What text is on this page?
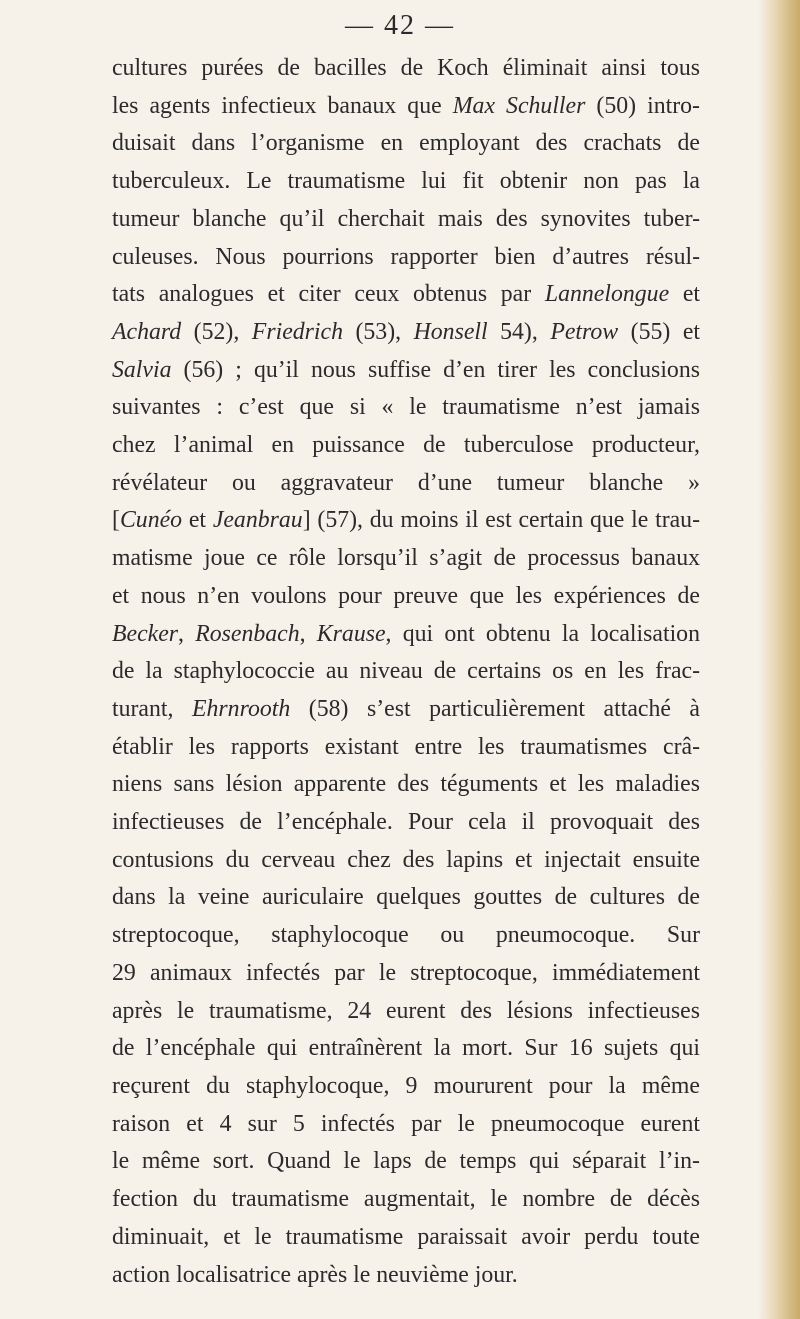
— 42 —
cultures purées de bacilles de Koch éliminait ainsi tous
les agents infectieux banaux que Max Schuller (50) intro-
duisait dans l’organisme en employant des crachats de
tuberculeux. Le traumatisme lui fit obtenir non pas la
tumeur blanche qu’il cherchait mais des synovites tuber-
culeuses. Nous pourrions rapporter bien d’autres résul-
tats analogues et citer ceux obtenus par Lannelongue et
Achard (52), Friedrich (53), Honsell 54), Petrow (55) et
Salvia (56) ; qu’il nous suffise d’en tirer les conclusions
suivantes : c’est que si « le traumatisme n’est jamais
chez l’animal en puissance de tuberculose producteur,
révélateur ou aggravateur d’une tumeur blanche »
[Cunéo et Jeanbrau] (57), du moins il est certain que le trau-
matisme joue ce rôle lorsqu’il s’agit de processus banaux
et nous n’en voulons pour preuve que les expériences de
Becker, Rosenbach, Krause, qui ont obtenu la localisation
de la staphylococcie au niveau de certains os en les frac-
turant, Ehrnrooth (58) s’est particulièrement attaché à
établir les rapports existant entre les traumatismes crâ-
niens sans lésion apparente des téguments et les maladies
infectieuses de l’encéphale. Pour cela il provoquait des
contusions du cerveau chez des lapins et injectait ensuite
dans la veine auriculaire quelques gouttes de cultures de
streptocoque, staphylocoque ou pneumocoque. Sur
29 animaux infectés par le streptocoque, immédiatement
après le traumatisme, 24 eurent des lésions infectieuses
de l’encéphale qui entraînèrent la mort. Sur 16 sujets qui
reçurent du staphylocoque, 9 moururent pour la même
raison et 4 sur 5 infectés par le pneumocoque eurent
le même sort. Quand le laps de temps qui séparait l’in-
fection du traumatisme augmentait, le nombre de décès
diminuait, et le traumatisme paraissait avoir perdu toute
action localisatrice après le neuvième jour.
